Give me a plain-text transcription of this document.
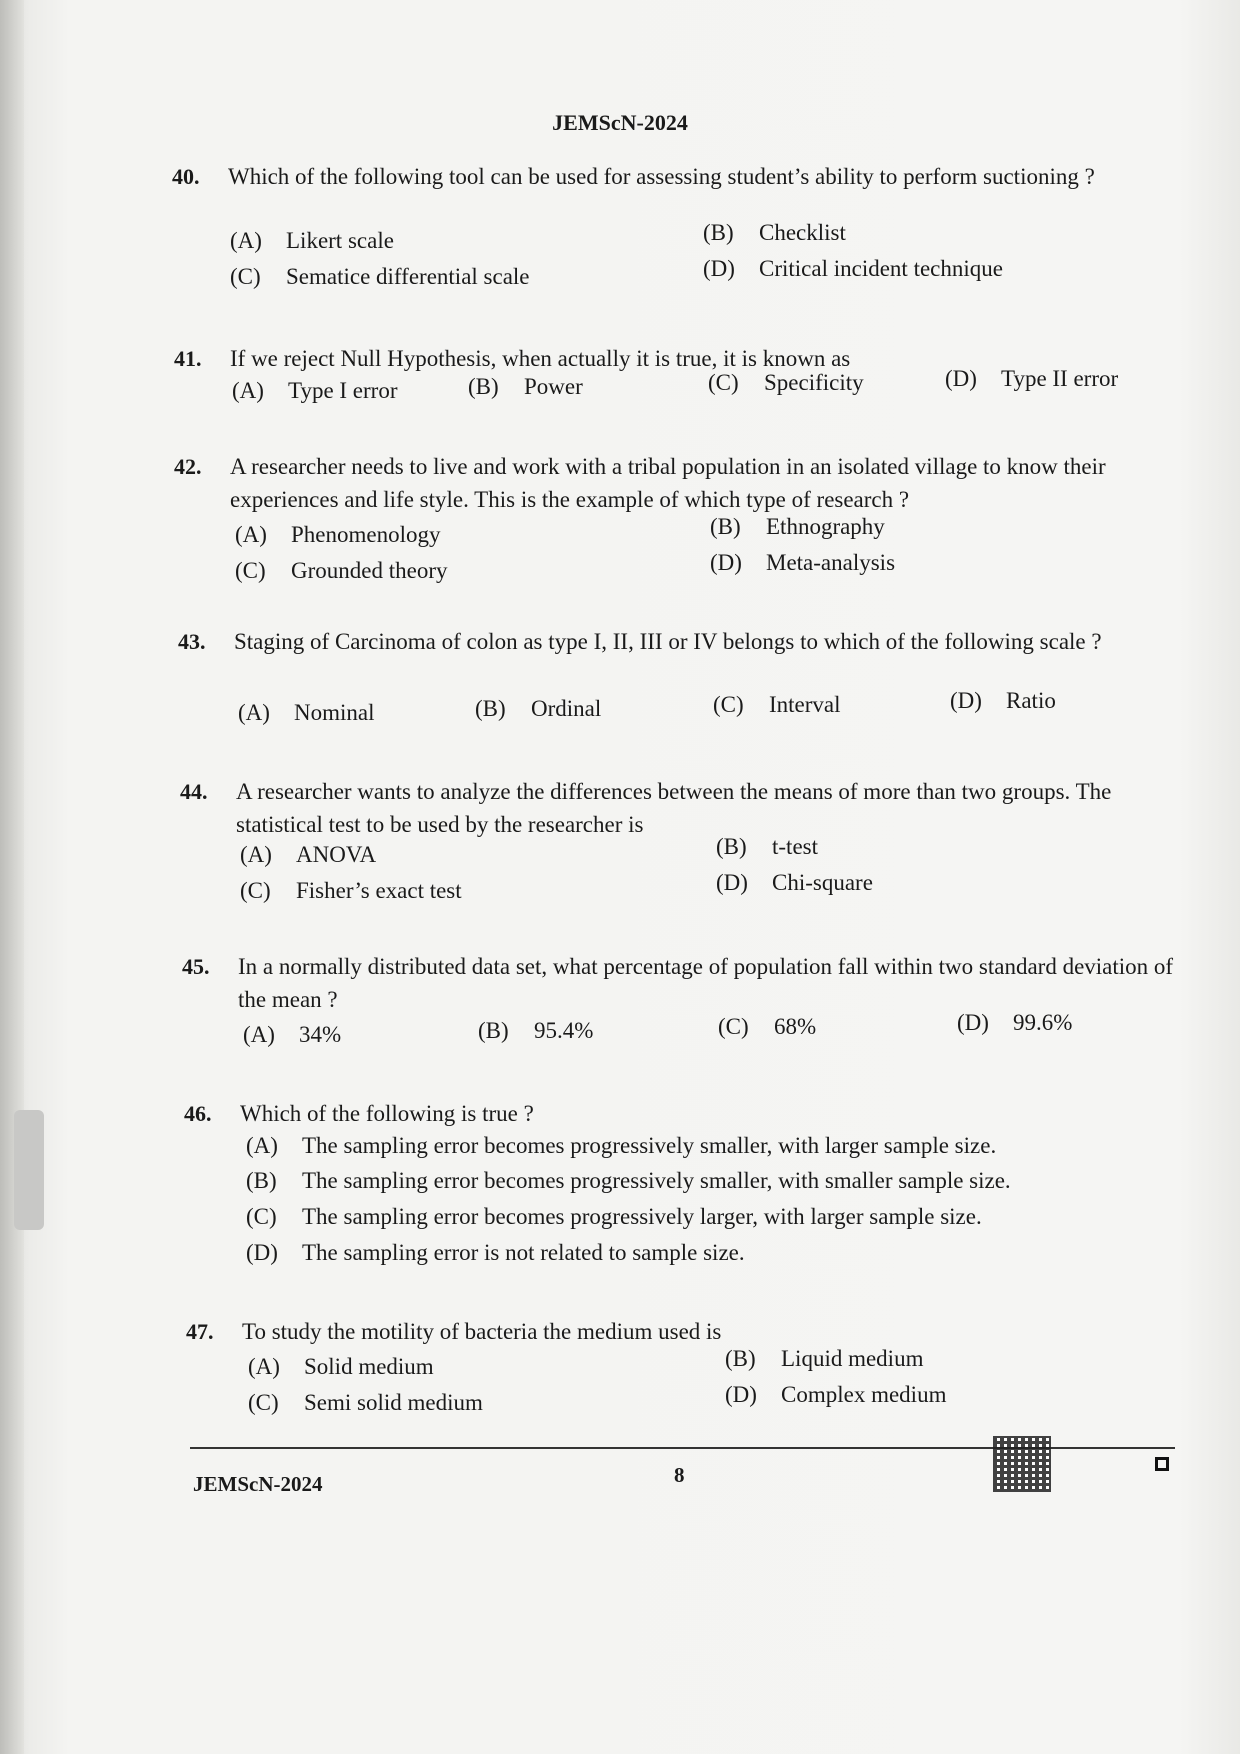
JEMScN-2024
40. Which of the following tool can be used for assessing student’s ability to perform suctioning ?
(A) Likert scale	(B) Checklist
(C) Sematice differential scale	(D) Critical incident technique
41. If we reject Null Hypothesis, when actually it is true, it is known as
(A) Type I error	(B) Power	(C) Specificity	(D) Type II error
42. A researcher needs to live and work with a tribal population in an isolated village to know their experiences and life style. This is the example of which type of research ?
(A) Phenomenology	(B) Ethnography
(C) Grounded theory	(D) Meta-analysis
43. Staging of Carcinoma of colon as type I, II, III or IV belongs to which of the following scale ?
(A) Nominal	(B) Ordinal	(C) Interval	(D) Ratio
44. A researcher wants to analyze the differences between the means of more than two groups. The statistical test to be used by the researcher is
(A) ANOVA	(B) t-test
(C) Fisher’s exact test	(D) Chi-square
45. In a normally distributed data set, what percentage of population fall within two standard deviation of the mean ?
(A) 34%	(B) 95.4%	(C) 68%	(D) 99.6%
46. Which of the following is true ?
(A) The sampling error becomes progressively smaller, with larger sample size.
(B) The sampling error becomes progressively smaller, with smaller sample size.
(C) The sampling error becomes progressively larger, with larger sample size.
(D) The sampling error is not related to sample size.
47. To study the motility of bacteria the medium used is
(A) Solid medium	(B) Liquid medium
(C) Semi solid medium	(D) Complex medium
JEMScN-2024	8
